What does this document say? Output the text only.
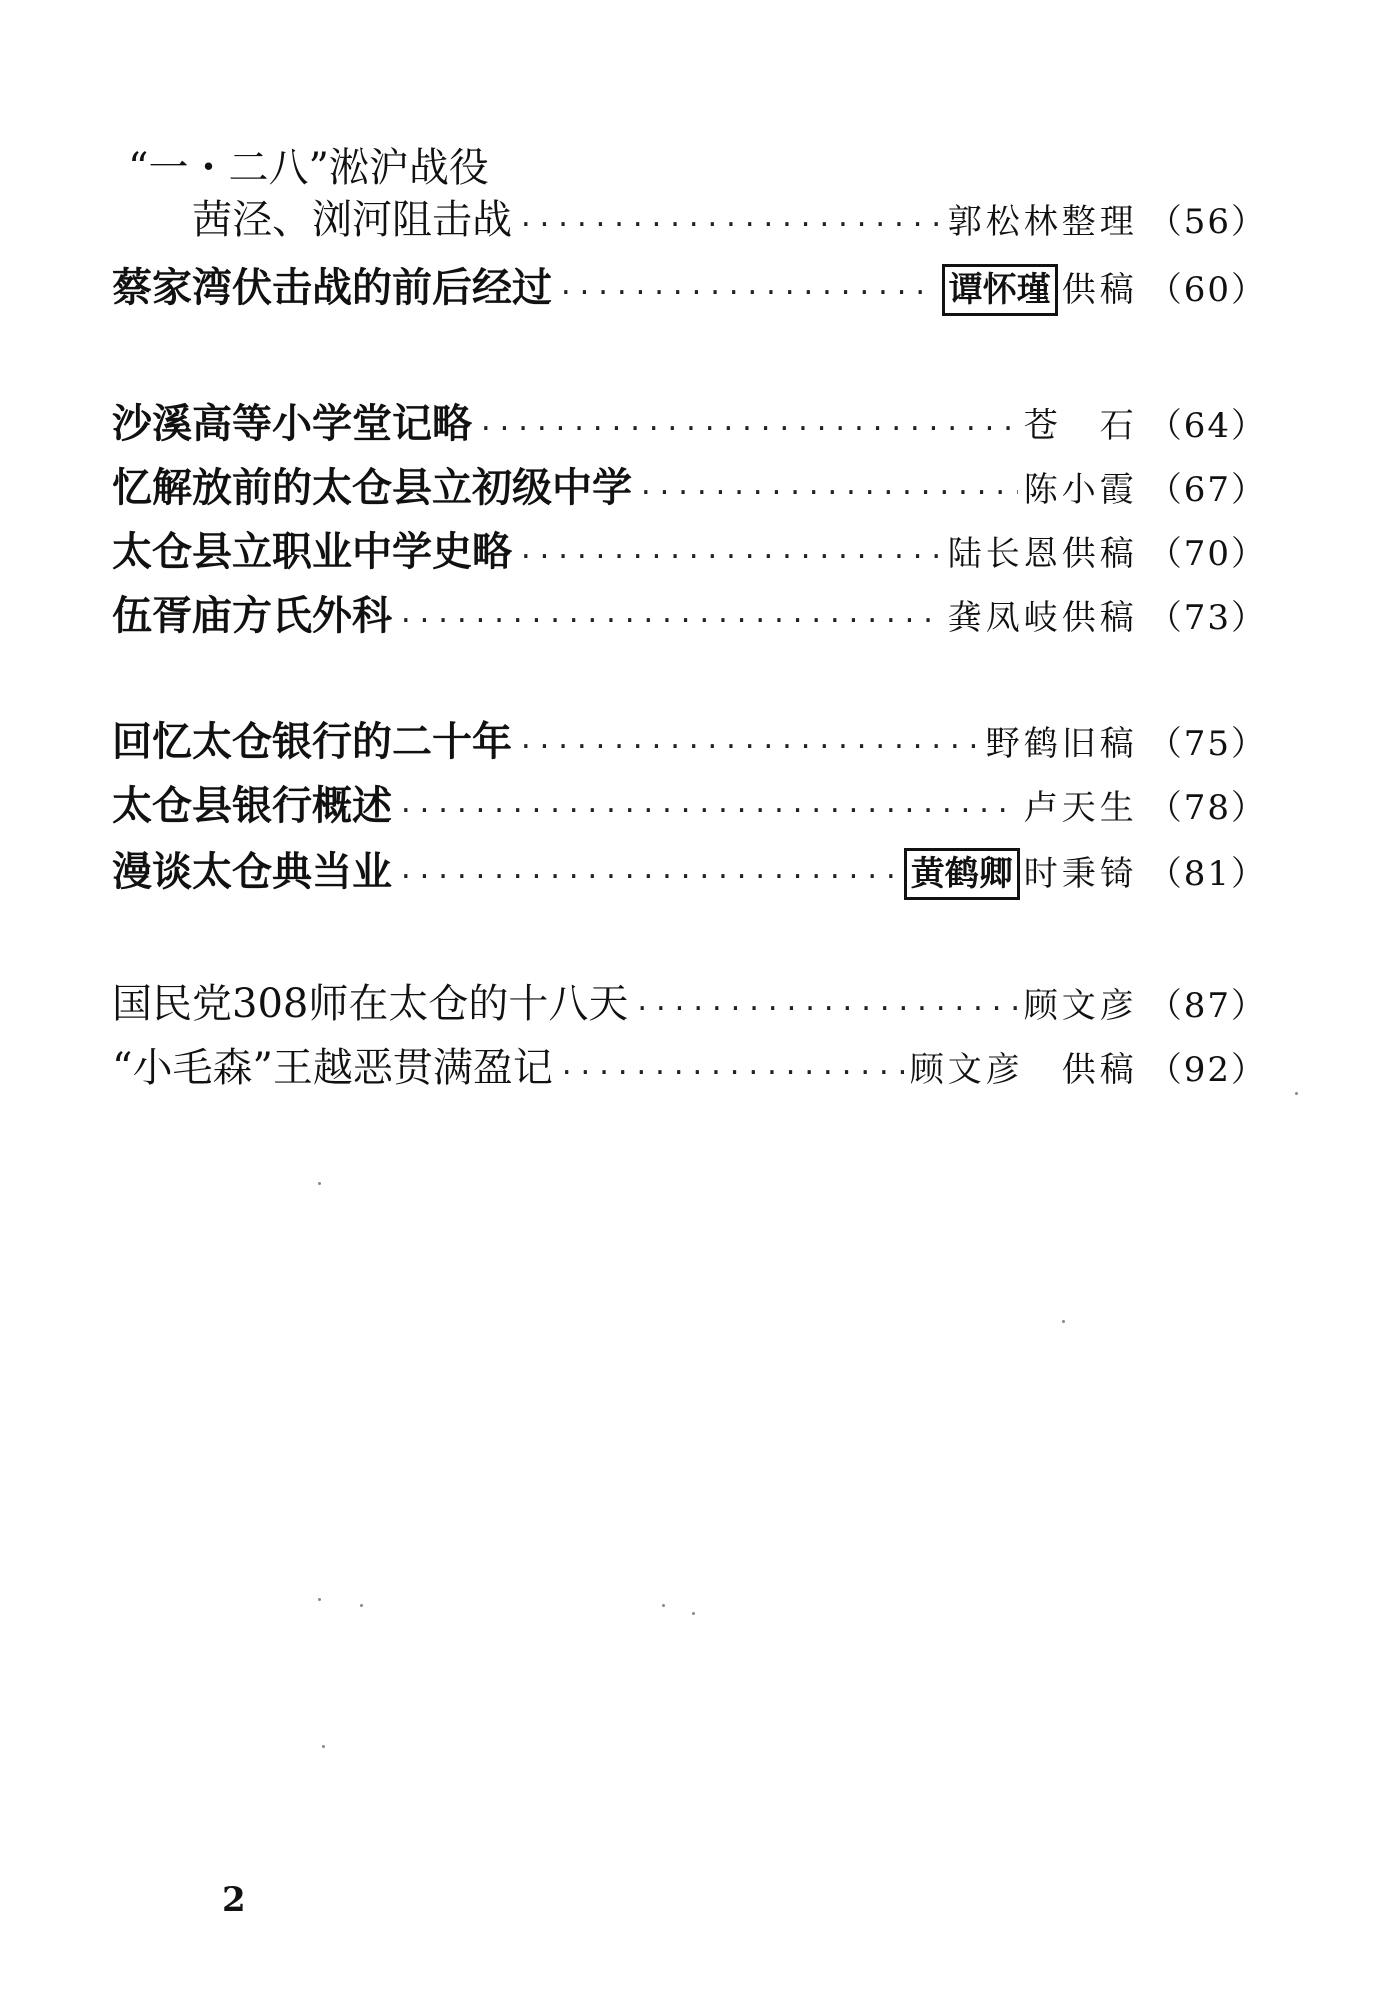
“一・二八”淞沪战役
茜泾、浏河阻击战 ·····	郭松林整理 （56）
蔡家湾伏击战的前后经过 ·····	谭怀瑾 供稿 （60）
沙溪高等小学堂记略 ·····	苍　石 （64）
忆解放前的太仓县立初级中学 ·····	陈小霞 （67）
太仓县立职业中学史略 ·····	陆长恩供稿 （70）
伍胥庙方氏外科 ·····	龚凤岐供稿 （73）
回忆太仓银行的二十年 ·····	野鹤旧稿 （75）
太仓县银行概述 ·····	卢天生 （78）
漫谈太仓典当业 ·····	黄鹤卿 时秉锜 （81）
国民党308师在太仓的十八天 ·····	顾文彦 （87）
“小毛森”王越恶贯满盈记 ·····	顾文彦　供稿 （92）
2
